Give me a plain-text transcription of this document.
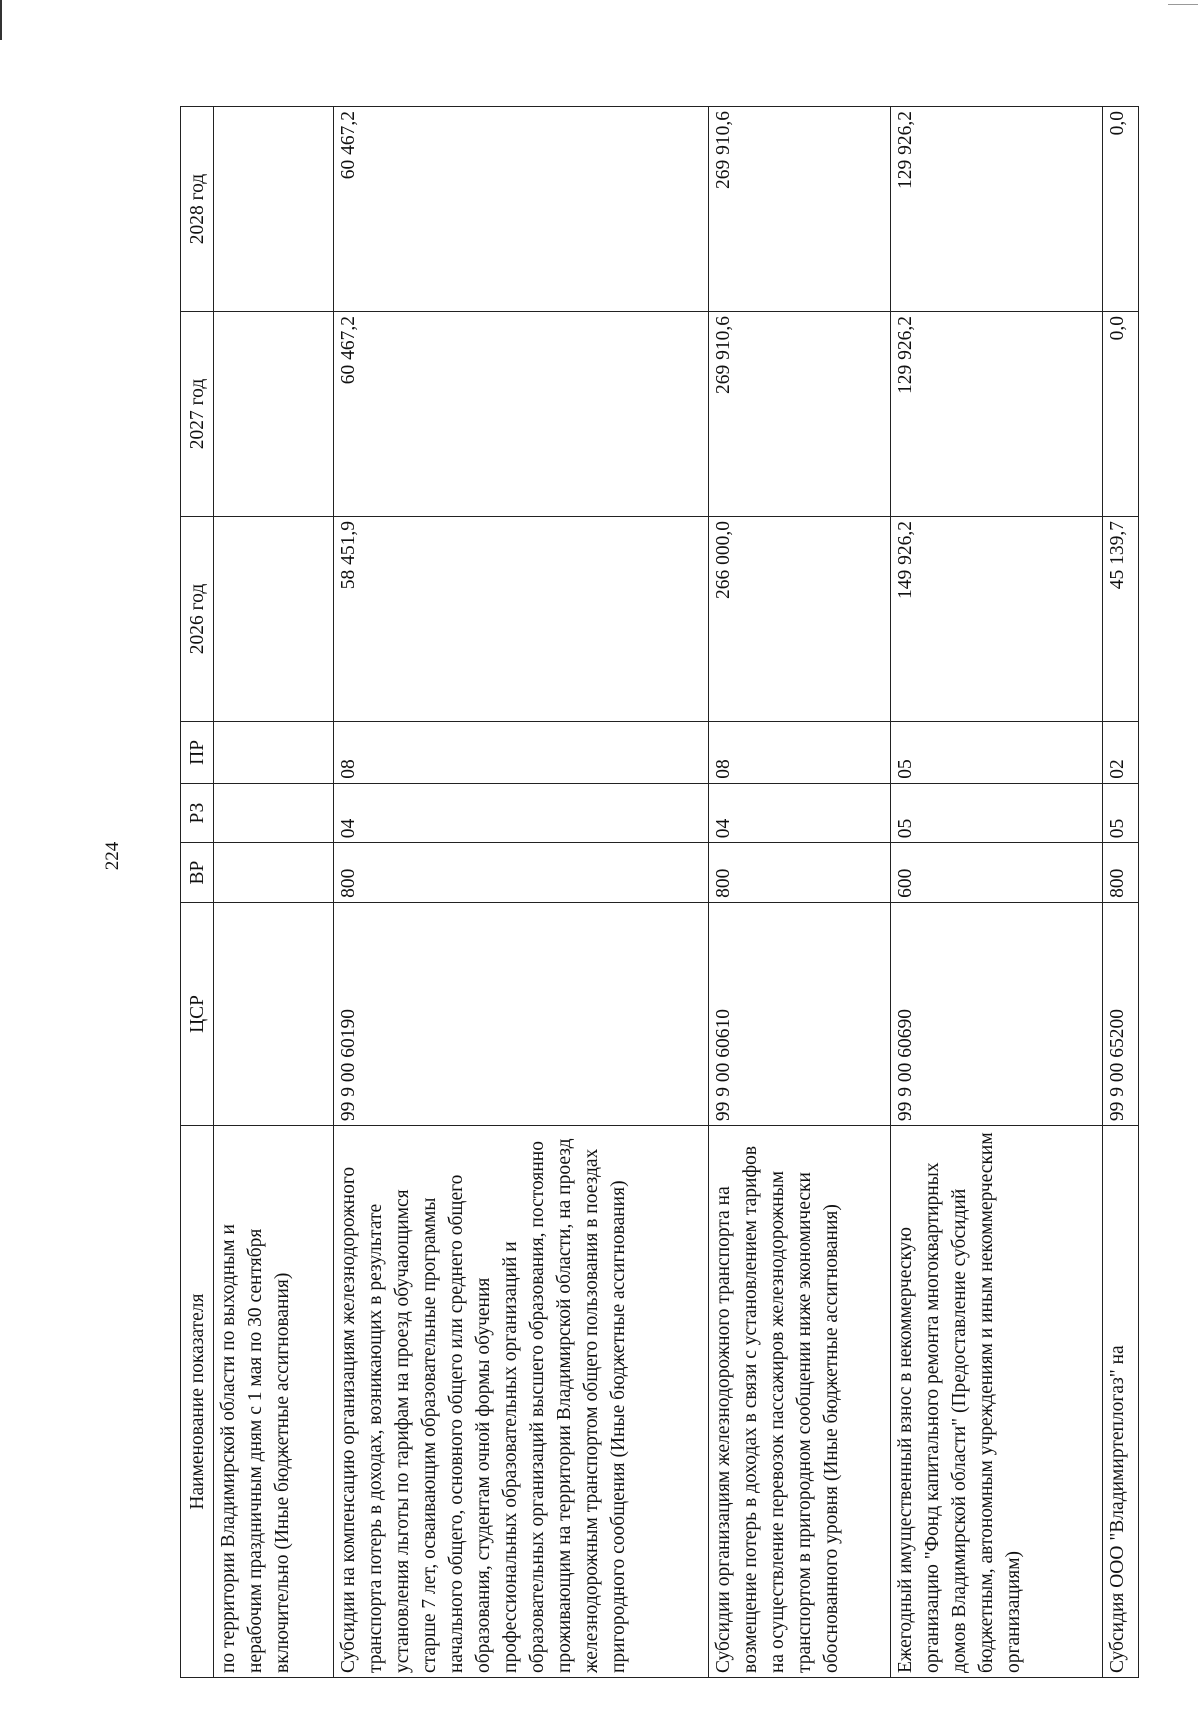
224
Наименование показателя	ЦСР	ВР	РЗ	ПР	2026 год	2027 год	2028 год
по территории Владимирской области по выходным и нерабочим праздничным дням с 1 мая по 30 сентября включительно (Иные бюджетные ассигнования)							
Субсидии на компенсацию организациям железнодорожного транспорта потерь в доходах, возникающих в результате установления льготы по тарифам на проезд обучающимся старше 7 лет, осваивающим образовательные программы начального общего, основного общего или среднего общего образования, студентам очной формы обучения профессиональных образовательных организаций и образовательных организаций высшего образования, постоянно проживающим на территории Владимирской области, на проезд железнодорожным транспортом общего пользования в поездах пригородного сообщения (Иные бюджетные ассигнования)	99 9 00 60190	800	04	08	58 451,9	60 467,2	60 467,2
Субсидии организациям железнодорожного транспорта на возмещение потерь в доходах в связи с установлением тарифов на осуществление перевозок пассажиров железнодорожным транспортом в пригородном сообщении ниже экономически обоснованного уровня (Иные бюджетные ассигнования)	99 9 00 60610	800	04	08	266 000,0	269 910,6	269 910,6
Ежегодный имущественный взнос в некоммерческую организацию "Фонд капитального ремонта многоквартирных домов Владимирской области" (Предоставление субсидий бюджетным, автономным учреждениям и иным некоммерческим организациям)	99 9 00 60690	600	05	05	149 926,2	129 926,2	129 926,2
Субсидия ООО "Владимиртеплогаз" на	99 9 00 65200	800	05	02	45 139,7	0,0	0,0
